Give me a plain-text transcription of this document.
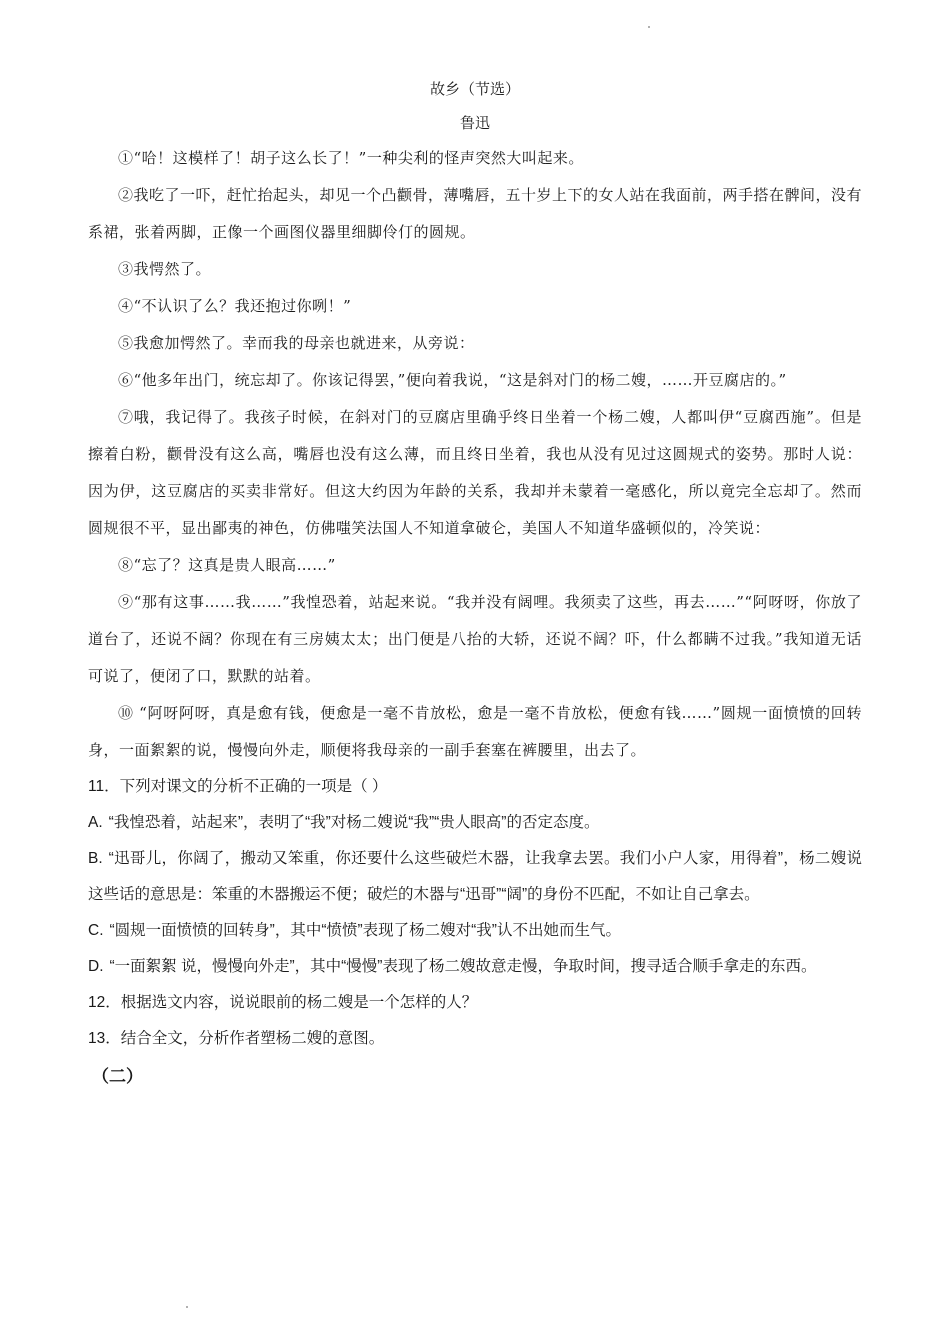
故乡（节选）

鲁迅

①“哈！这模样了！胡子这么长了！”一种尖利的怪声突然大叫起来。

②我吃了一吓，赶忙抬起头，却见一个凸颧骨，薄嘴唇，五十岁上下的女人站在我面前，两手搭在髀间，没有系裙，张着两脚，正像一个画图仪器里细脚伶仃的圆规。

③我愕然了。

④“不认识了么？我还抱过你咧！”

⑤我愈加愕然了。幸而我的母亲也就进来，从旁说：

⑥“他多年出门，统忘却了。你该记得罢，”便向着我说，“这是斜对门的杨二嫂，……开豆腐店的。”

⑦哦，我记得了。我孩子时候，在斜对门的豆腐店里确乎终日坐着一个杨二嫂，人都叫伊“豆腐西施”。但是擦着白粉，颧骨没有这么高，嘴唇也没有这么薄，而且终日坐着，我也从没有见过这圆规式的姿势。那时人说：因为伊，这豆腐店的买卖非常好。但这大约因为年龄的关系，我却并未蒙着一毫感化，所以竟完全忘却了。然而圆规很不平，显出鄙夷的神色，仿佛嗤笑法国人不知道拿破仑，美国人不知道华盛顿似的，冷笑说：

⑧“忘了？这真是贵人眼高……”

⑨“那有这事……我……”我惶恐着，站起来说。“我并没有阔哩。我须卖了这些，再去……”“阿呀呀，你放了道台了，还说不阔？你现在有三房姨太太；出门便是八抬的大轿，还说不阔？吓，什么都瞒不过我。”我知道无话可说了，便闭了口，默默的站着。

⑩ “阿呀阿呀，真是愈有钱，便愈是一毫不肯放松，愈是一毫不肯放松，便愈有钱……”圆规一面愤愤的回转身，一面絮絮的说，慢慢向外走，顺便将我母亲的一副手套塞在裤腰里，出去了。

11．下列对课文的分析不正确的一项是（ ）

A. “我惶恐着，站起来”，表明了“我”对杨二嫂说“我”“贵人眼高”的否定态度。

B. “迅哥儿，你阔了，搬动又笨重，你还要什么这些破烂木器，让我拿去罢。我们小户人家，用得着”，杨二嫂说这些话的意思是：笨重的木器搬运不便；破烂的木器与“迅哥”“阔”的身份不匹配，不如让自己拿去。

C. “圆规一面愤愤的回转身”，其中“愤愤”表现了杨二嫂对“我”认不出她而生气。

D. “一面絮絮 说，慢慢向外走”，其中“慢慢”表现了杨二嫂故意走慢，争取时间，搜寻适合顺手拿走的东西。

12．根据选文内容，说说眼前的杨二嫂是一个怎样的人？

13．结合全文，分析作者塑杨二嫂的意图。

（二）
